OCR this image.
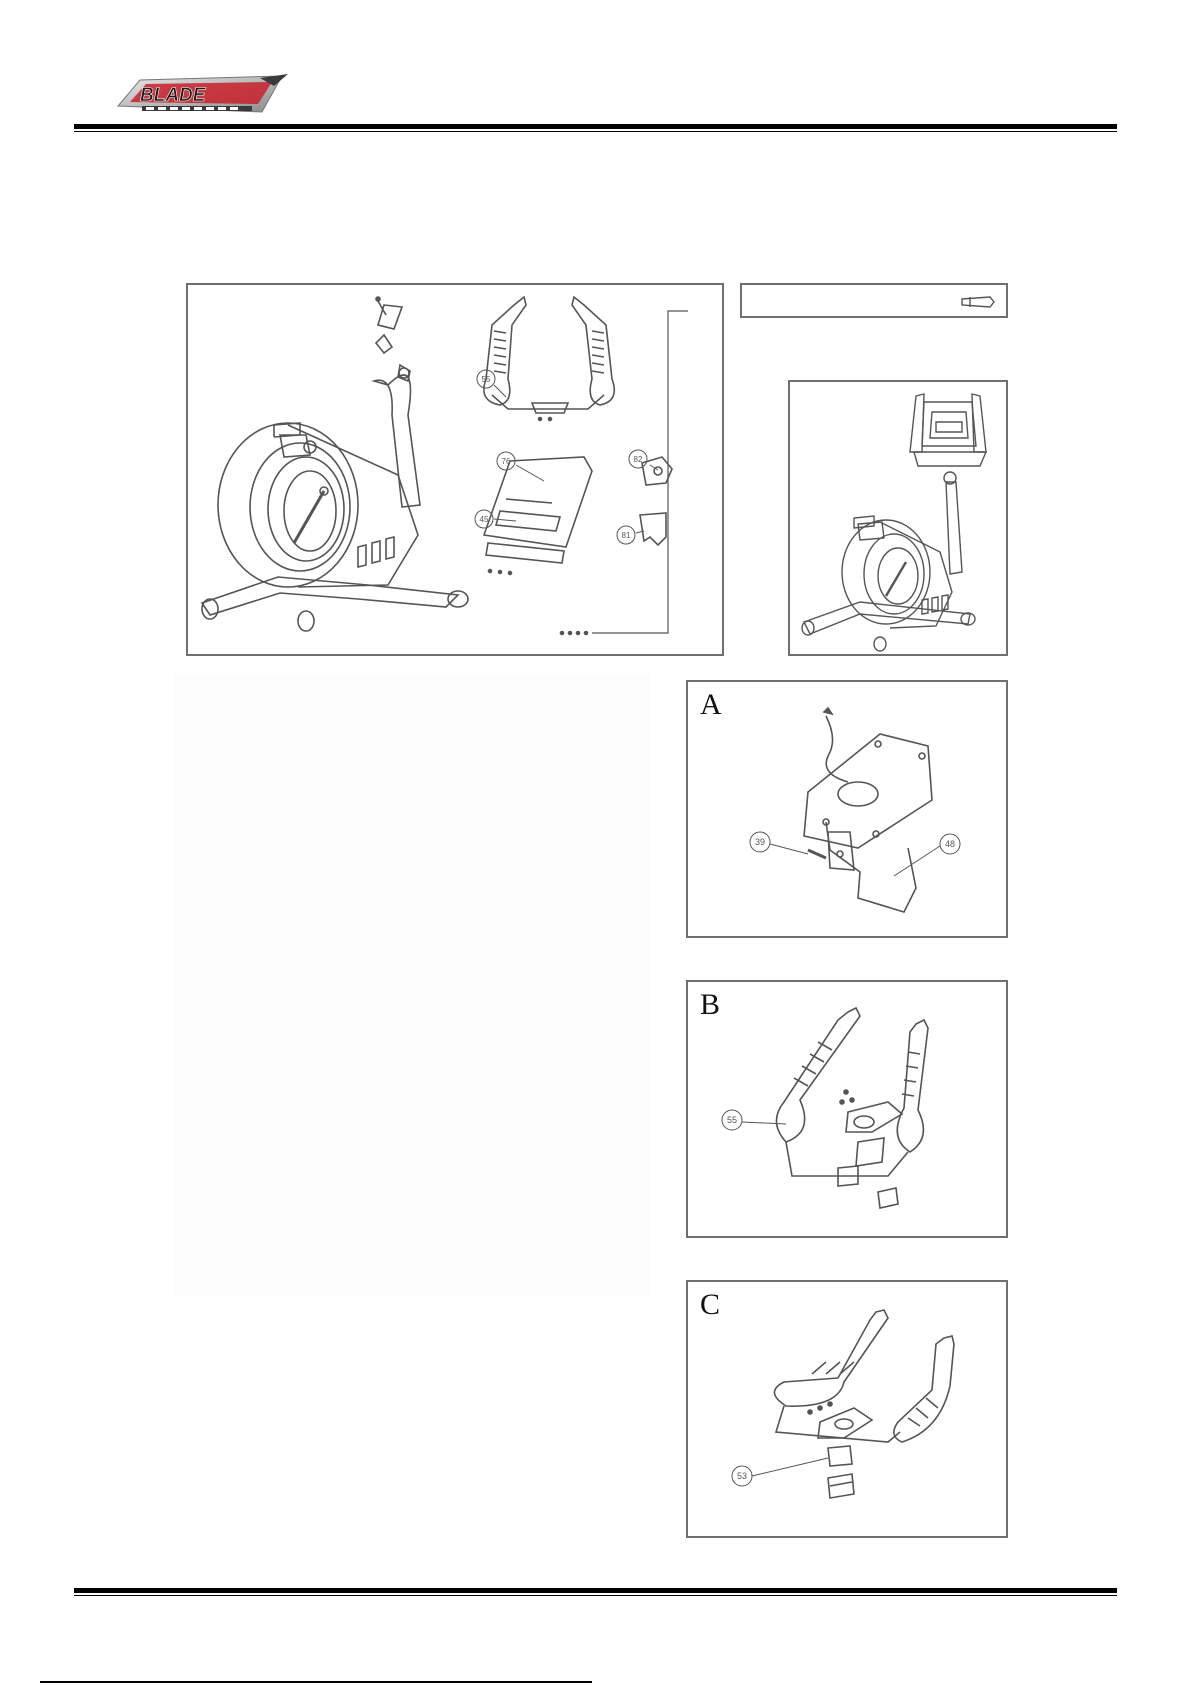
BLADE
55
76
45
82
81
A
39	48
B
55
C
53
